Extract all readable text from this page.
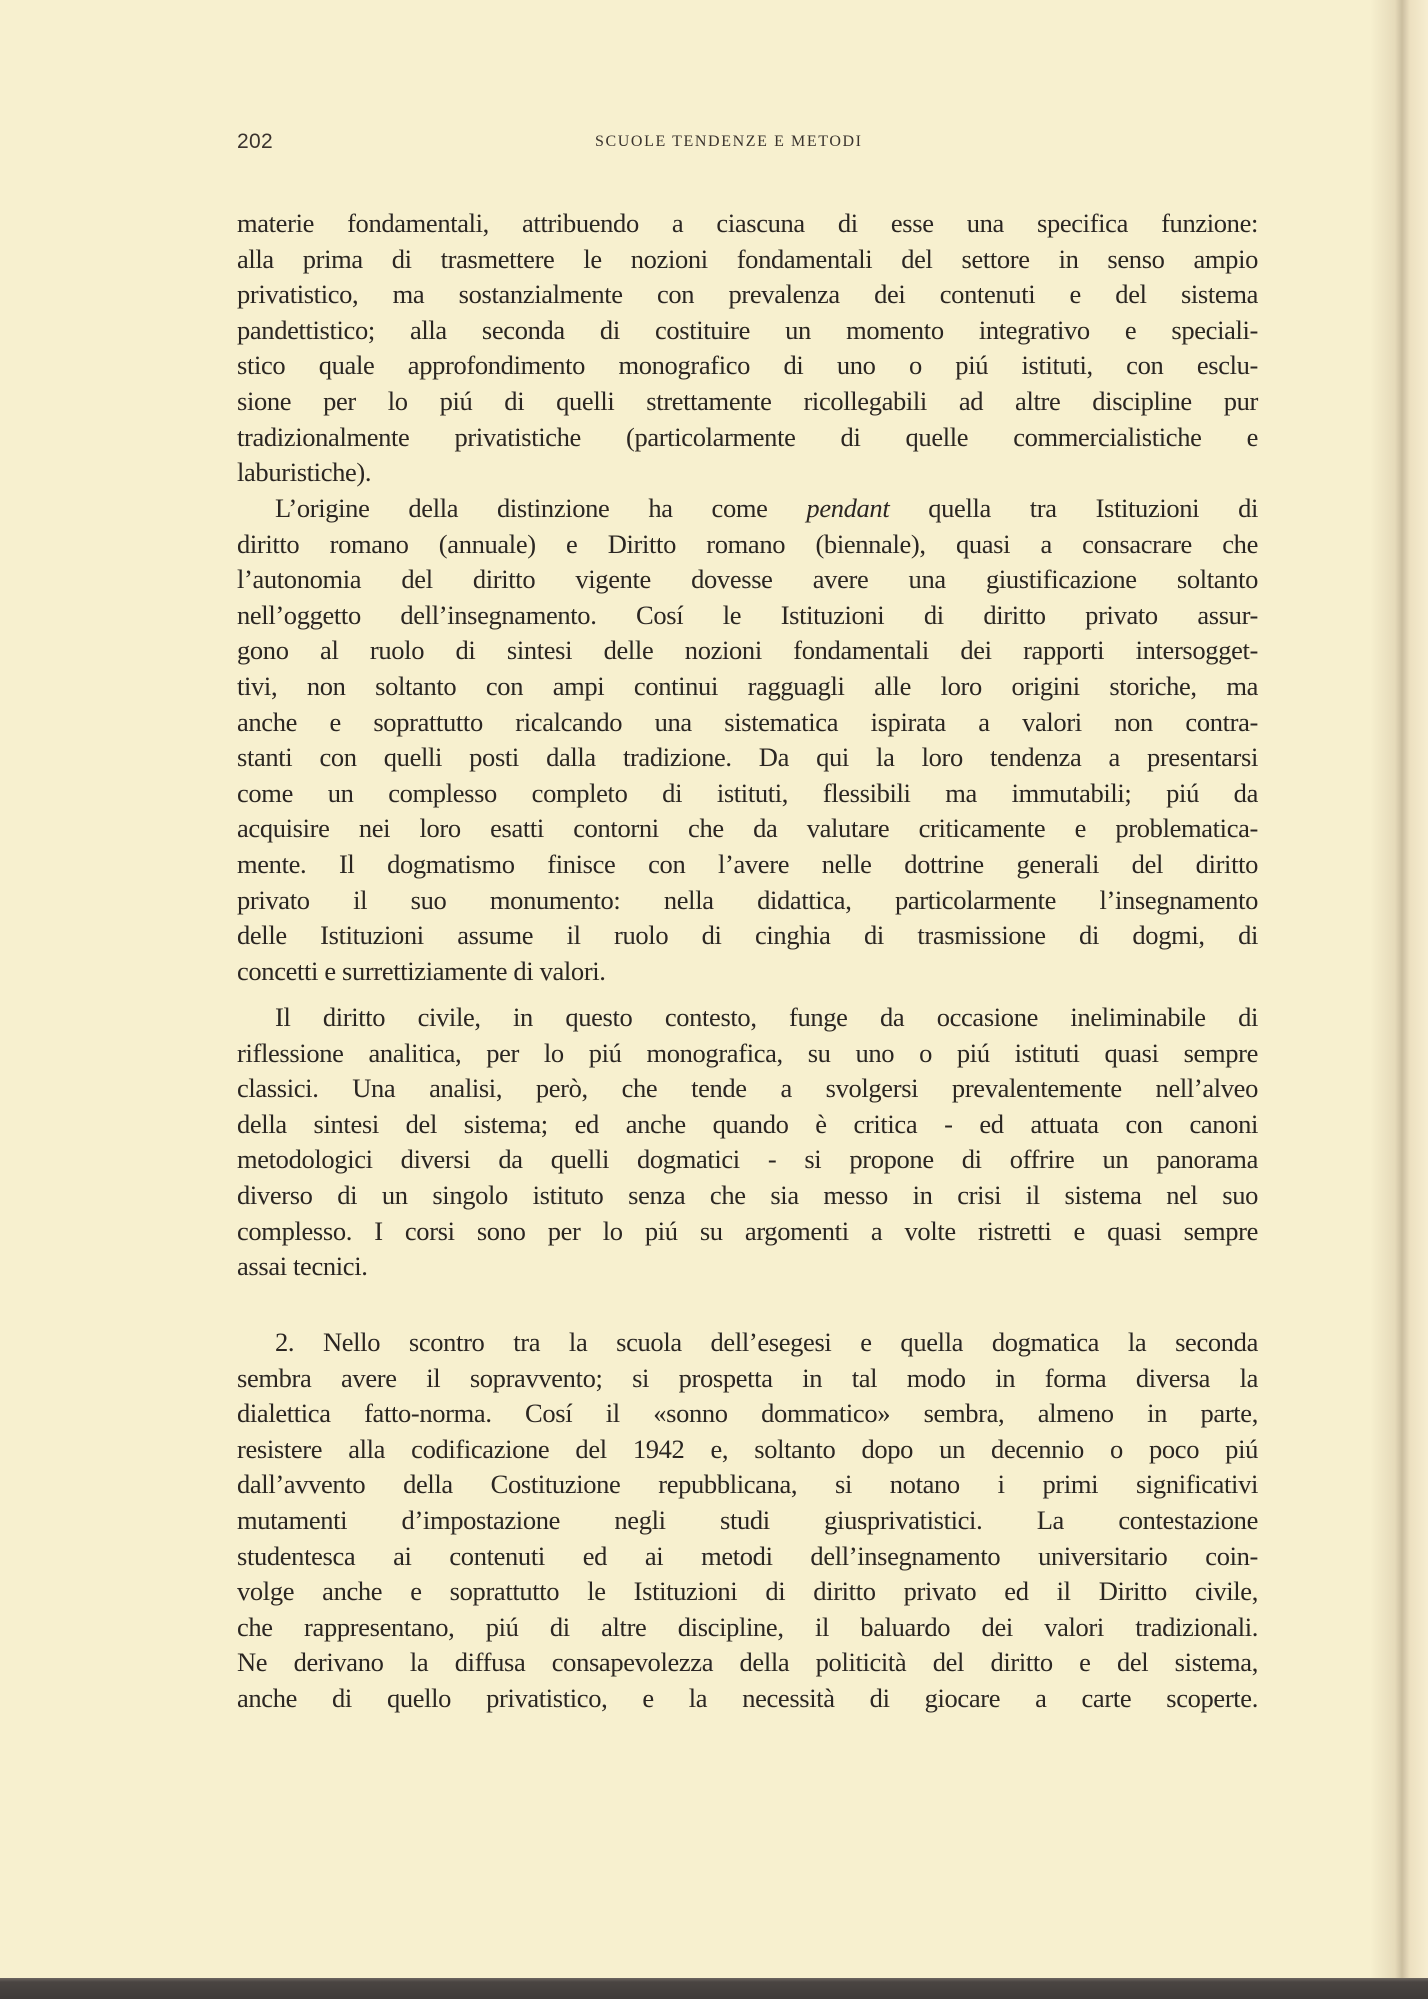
202	SCUOLE TENDENZE E METODI
materie fondamentali, attribuendo a ciascuna di esse una specifica funzione:
alla prima di trasmettere le nozioni fondamentali del settore in senso ampio
privatistico, ma sostanzialmente con prevalenza dei contenuti e del sistema
pandettistico; alla seconda di costituire un momento integrativo e speciali-
stico quale approfondimento monografico di uno o piú istituti, con esclu-
sione per lo piú di quelli strettamente ricollegabili ad altre discipline pur
tradizionalmente privatistiche (particolarmente di quelle commercialistiche e
laburistiche).
L’origine della distinzione ha come pendant quella tra Istituzioni di
diritto romano (annuale) e Diritto romano (biennale), quasi a consacrare che
l’autonomia del diritto vigente dovesse avere una giustificazione soltanto
nell’oggetto dell’insegnamento. Cosí le Istituzioni di diritto privato assur-
gono al ruolo di sintesi delle nozioni fondamentali dei rapporti intersogget-
tivi, non soltanto con ampi continui ragguagli alle loro origini storiche, ma
anche e soprattutto ricalcando una sistematica ispirata a valori non contra-
stanti con quelli posti dalla tradizione. Da qui la loro tendenza a presentarsi
come un complesso completo di istituti, flessibili ma immutabili; piú da
acquisire nei loro esatti contorni che da valutare criticamente e problematica-
mente. Il dogmatismo finisce con l’avere nelle dottrine generali del diritto
privato il suo monumento: nella didattica, particolarmente l’insegnamento
delle Istituzioni assume il ruolo di cinghia di trasmissione di dogmi, di
concetti e surrettiziamente di valori.
Il diritto civile, in questo contesto, funge da occasione ineliminabile di
riflessione analitica, per lo piú monografica, su uno o piú istituti quasi sempre
classici. Una analisi, però, che tende a svolgersi prevalentemente nell’alveo
della sintesi del sistema; ed anche quando è critica - ed attuata con canoni
metodologici diversi da quelli dogmatici - si propone di offrire un panorama
diverso di un singolo istituto senza che sia messo in crisi il sistema nel suo
complesso. I corsi sono per lo piú su argomenti a volte ristretti e quasi sempre
assai tecnici.
2. Nello scontro tra la scuola dell’esegesi e quella dogmatica la seconda
sembra avere il sopravvento; si prospetta in tal modo in forma diversa la
dialettica fatto-norma. Cosí il «sonno dommatico» sembra, almeno in parte,
resistere alla codificazione del 1942 e, soltanto dopo un decennio o poco piú
dall’avvento della Costituzione repubblicana, si notano i primi significativi
mutamenti d’impostazione negli studi giusprivatistici. La contestazione
studentesca ai contenuti ed ai metodi dell’insegnamento universitario coin-
volge anche e soprattutto le Istituzioni di diritto privato ed il Diritto civile,
che rappresentano, piú di altre discipline, il baluardo dei valori tradizionali.
Ne derivano la diffusa consapevolezza della politicità del diritto e del sistema,
anche di quello privatistico, e la necessità di giocare a carte scoperte.
